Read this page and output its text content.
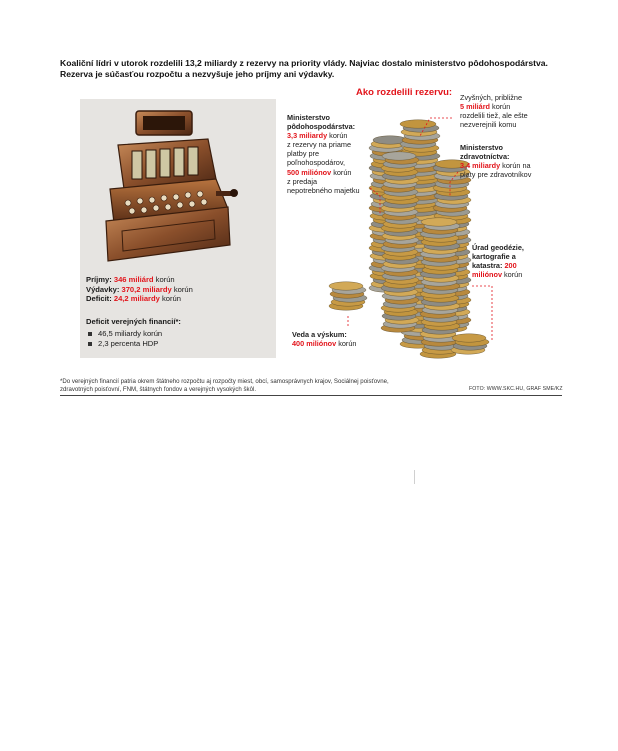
Koaliční lídri v utorok rozdelili 13,2 miliardy z rezervy na priority vlády. Najviac dostalo ministerstvo pôdohospodárstva.
Rezerva je súčasťou rozpočtu a nezvyšuje jeho príjmy ani výdavky.
Príjmy: 346 miliárd korún
Výdavky: 370,2 miliardy korún
Deficit: 24,2 miliardy korún
Deficit verejných financií*:
46,5 miliardy korún
2,3 percenta HDP
Ako rozdelili rezervu:
Ministerstvo
pôdohospodárstva:
3,3 miliardy korún
z rezervy na priame
platby pre
poľnohospodárov,
500 miliónov korún
z predaja
nepotrebného majetku
Zvyšných, približne
5 miliárd korún
rozdelili tiež, ale ešte
nezverejnili komu
Ministerstvo
zdravotníctva:
3,4 miliardy korún na
platy pre zdravotníkov
Úrad geodézie,
kartografie a
katastra: 200
miliónov korún
Veda a výskum:
400 miliónov korún
*Do verejných financií patria okrem štátneho rozpočtu aj rozpočty miest, obcí, samosprávnych krajov, Sociálnej poisťovne,
zdravotných poisťovní, FNM, štátnych fondov a verejných vysokých škôl.	FOTO: WWW.SKC.HU, GRAF SME/KZ
